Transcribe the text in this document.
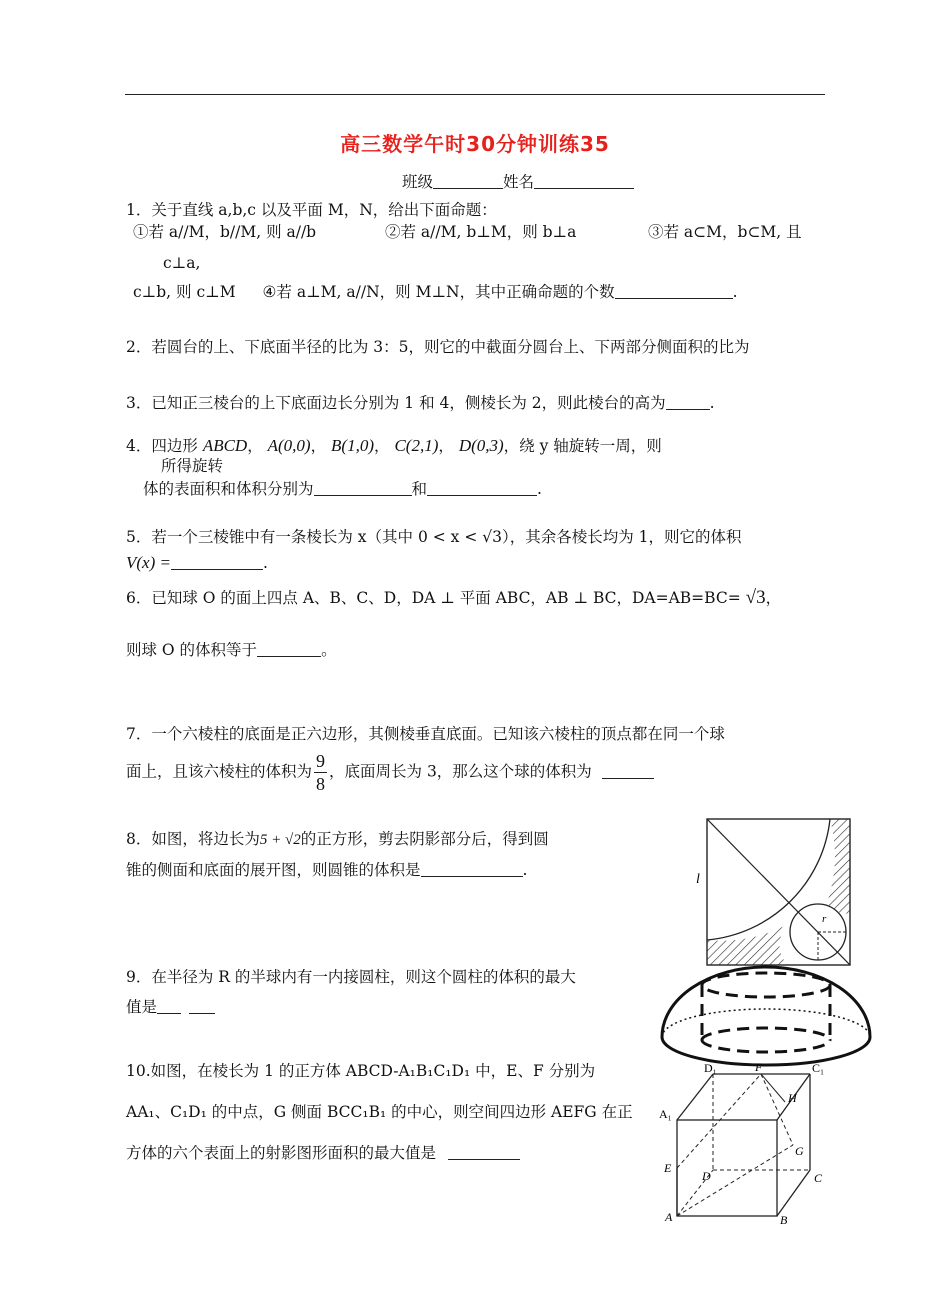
高三数学午时30分钟训练35
班级	姓名
1．关于直线 a,b,c 以及平面 M，N，给出下面命题：
①若 a//M，b//M, 则 a//b	②若 a//M, b⊥M，则 b⊥a	③若 a⊂M，b⊂M, 且
c⊥a,
c⊥b, 则 c⊥M ④若 a⊥M, a//N，则 M⊥N，其中正确命题的个数	.
2．若圆台的上、下底面半径的比为 3：5，则它的中截面分圆台上、下两部分侧面积的比为
3．已知正三棱台的上下底面边长分别为 1 和 4，侧棱长为 2，则此棱台的高为	.
4．四边形 ABCD， A(0,0)， B(1,0)， C(2,1)， D(0,3)，绕 y 轴旋转一周，则
所得旋转
体的表面积和体积分别为	和	.
5．若一个三棱锥中有一条棱长为 x（其中 0 < x < √3），其余各棱长均为 1，则它的体积
V(x) =	.
6．已知球 O 的面上四点 A、B、C、D，DA ⊥ 平面 ABC，AB ⊥ BC，DA=AB=BC= √3，
则球 O 的体积等于	。
7．一个六棱柱的底面是正六边形，其侧棱垂直底面。已知该六棱柱的顶点都在同一个球
面上，且该六棱柱的体积为 $\frac{9}{8}$ ，底面周长为 3，那么这个球的体积为
8．如图，将边长为5 + √2的正方形，剪去阴影部分后，得到圆
锥的侧面和底面的展开图，则圆锥的体积是	.
l
r
9．在半径为 R 的半球内有一内接圆柱，则这个圆柱的体积的最大
值是
10.如图，在棱长为 1 的正方体 ABCD-A₁B₁C₁D₁ 中，E、F 分别为
AA₁、C₁D₁ 的中点，G 侧面 BCC₁B₁ 的中心，则空间四边形 AEFG 在正
方体的六个表面上的射影图形面积的最大值是
A	B
C
D
A₁
D₁	C₁
E
F
G
H
